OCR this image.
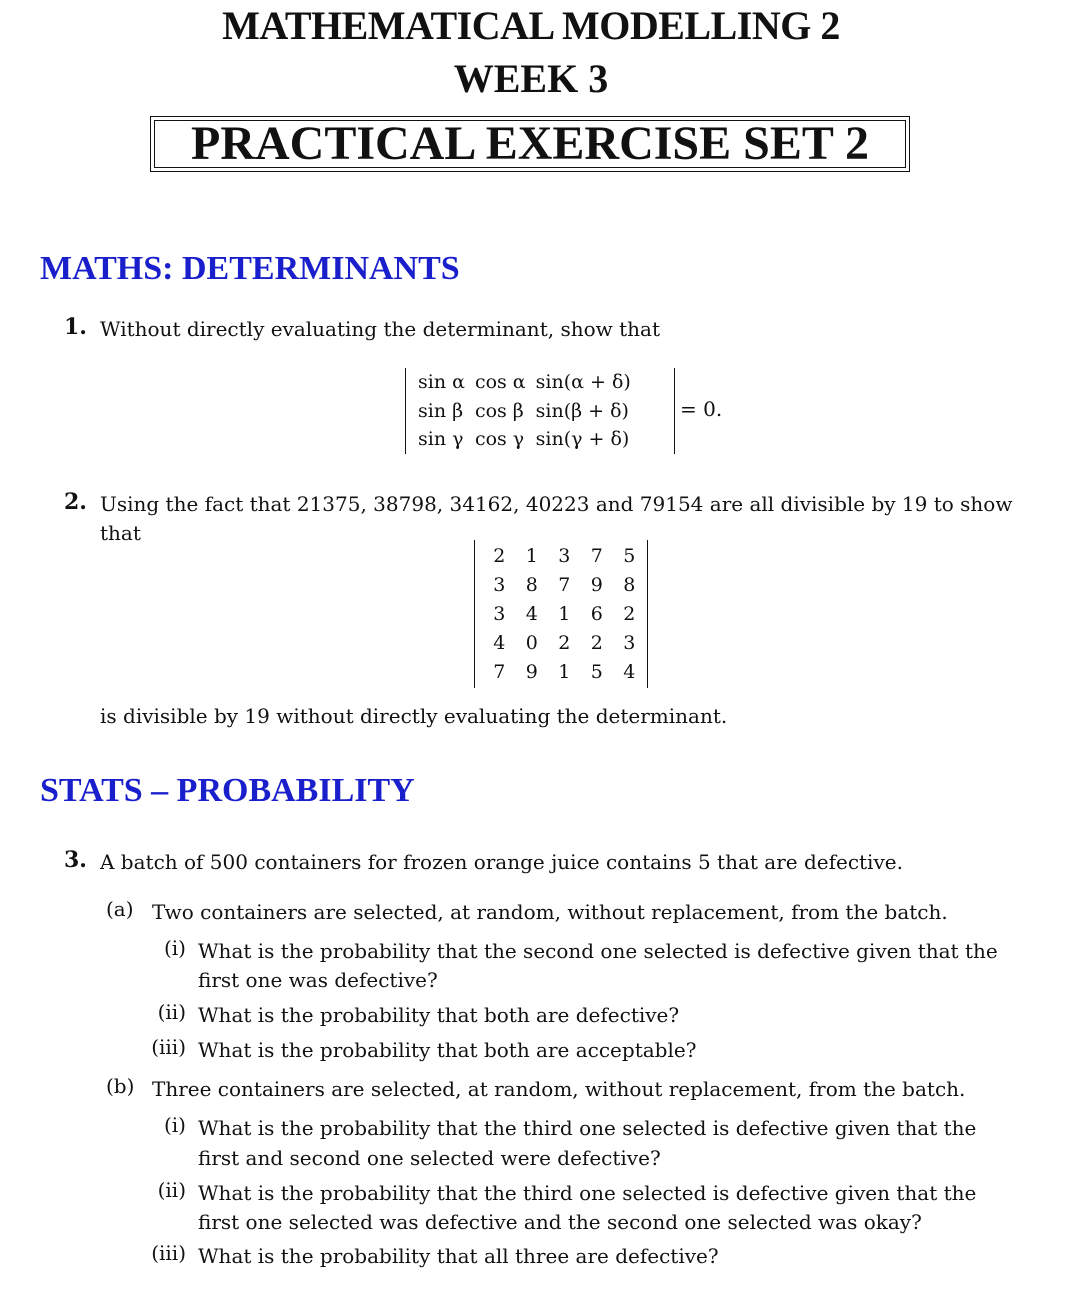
MATHEMATICAL MODELLING 2
WEEK 3
PRACTICAL EXERCISE SET 2
MATHS: DETERMINANTS
1. Without directly evaluating the determinant, show that
sin α	cos α	sin(α + δ)
sin β	cos β	sin(β + δ)
sin γ	cos γ	sin(γ + δ)
= 0.
2. Using the fact that 21375, 38798, 34162, 40223 and 79154 are all divisible by 19 to show
that
2	1	3	7	5
3	8	7	9	8
3	4	1	6	2
4	0	2	2	3
7	9	1	5	4
is divisible by 19 without directly evaluating the determinant.
STATS – PROBABILITY
3. A batch of 500 containers for frozen orange juice contains 5 that are defective.
(a) Two containers are selected, at random, without replacement, from the batch.
(i) What is the probability that the second one selected is defective given that the
first one was defective?
(ii) What is the probability that both are defective?
(iii) What is the probability that both are acceptable?
(b) Three containers are selected, at random, without replacement, from the batch.
(i) What is the probability that the third one selected is defective given that the
first and second one selected were defective?
(ii) What is the probability that the third one selected is defective given that the
first one selected was defective and the second one selected was okay?
(iii) What is the probability that all three are defective?
